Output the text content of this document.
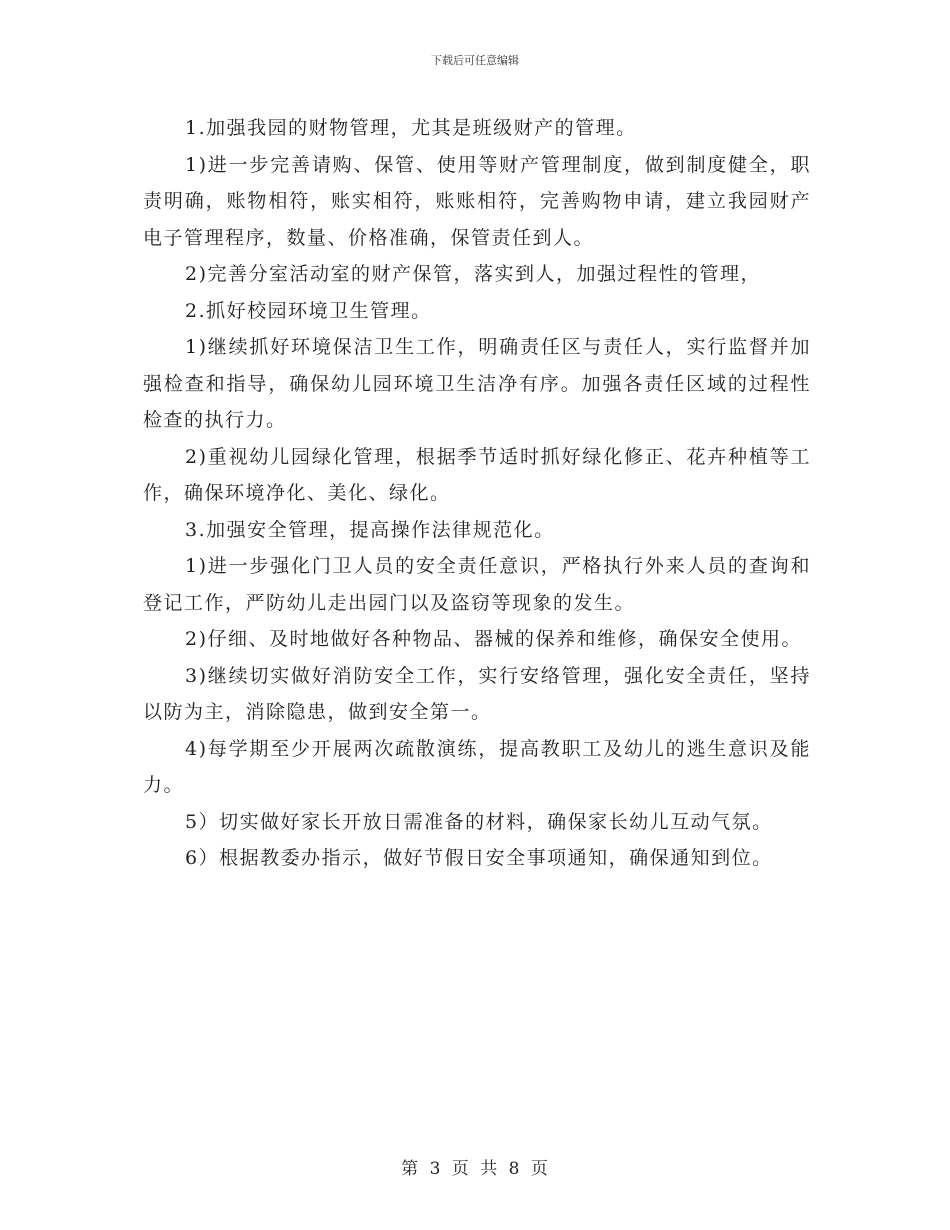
下载后可任意编辑

1.加强我园的财物管理，尤其是班级财产的管理。

1)进一步完善请购、保管、使用等财产管理制度，做到制度健全，职责明确，账物相符，账实相符，账账相符，完善购物申请，建立我园财产电子管理程序，数量、价格准确，保管责任到人。

2)完善分室活动室的财产保管，落实到人，加强过程性的管理，

2.抓好校园环境卫生管理。

1)继续抓好环境保洁卫生工作，明确责任区与责任人，实行监督并加强检查和指导，确保幼儿园环境卫生洁净有序。加强各责任区域的过程性检查的执行力。

2)重视幼儿园绿化管理，根据季节适时抓好绿化修正、花卉种植等工作，确保环境净化、美化、绿化。

3.加强安全管理，提高操作法律规范化。

1)进一步强化门卫人员的安全责任意识，严格执行外来人员的查询和登记工作，严防幼儿走出园门以及盗窃等现象的发生。

2)仔细、及时地做好各种物品、器械的保养和维修，确保安全使用。

3)继续切实做好消防安全工作，实行安络管理，强化安全责任，坚持以防为主，消除隐患，做到安全第一。

4)每学期至少开展两次疏散演练，提高教职工及幼儿的逃生意识及能力。

5）切实做好家长开放日需准备的材料，确保家长幼儿互动气氛。

6）根据教委办指示，做好节假日安全事项通知，确保通知到位。

第 3 页 共 8 页
